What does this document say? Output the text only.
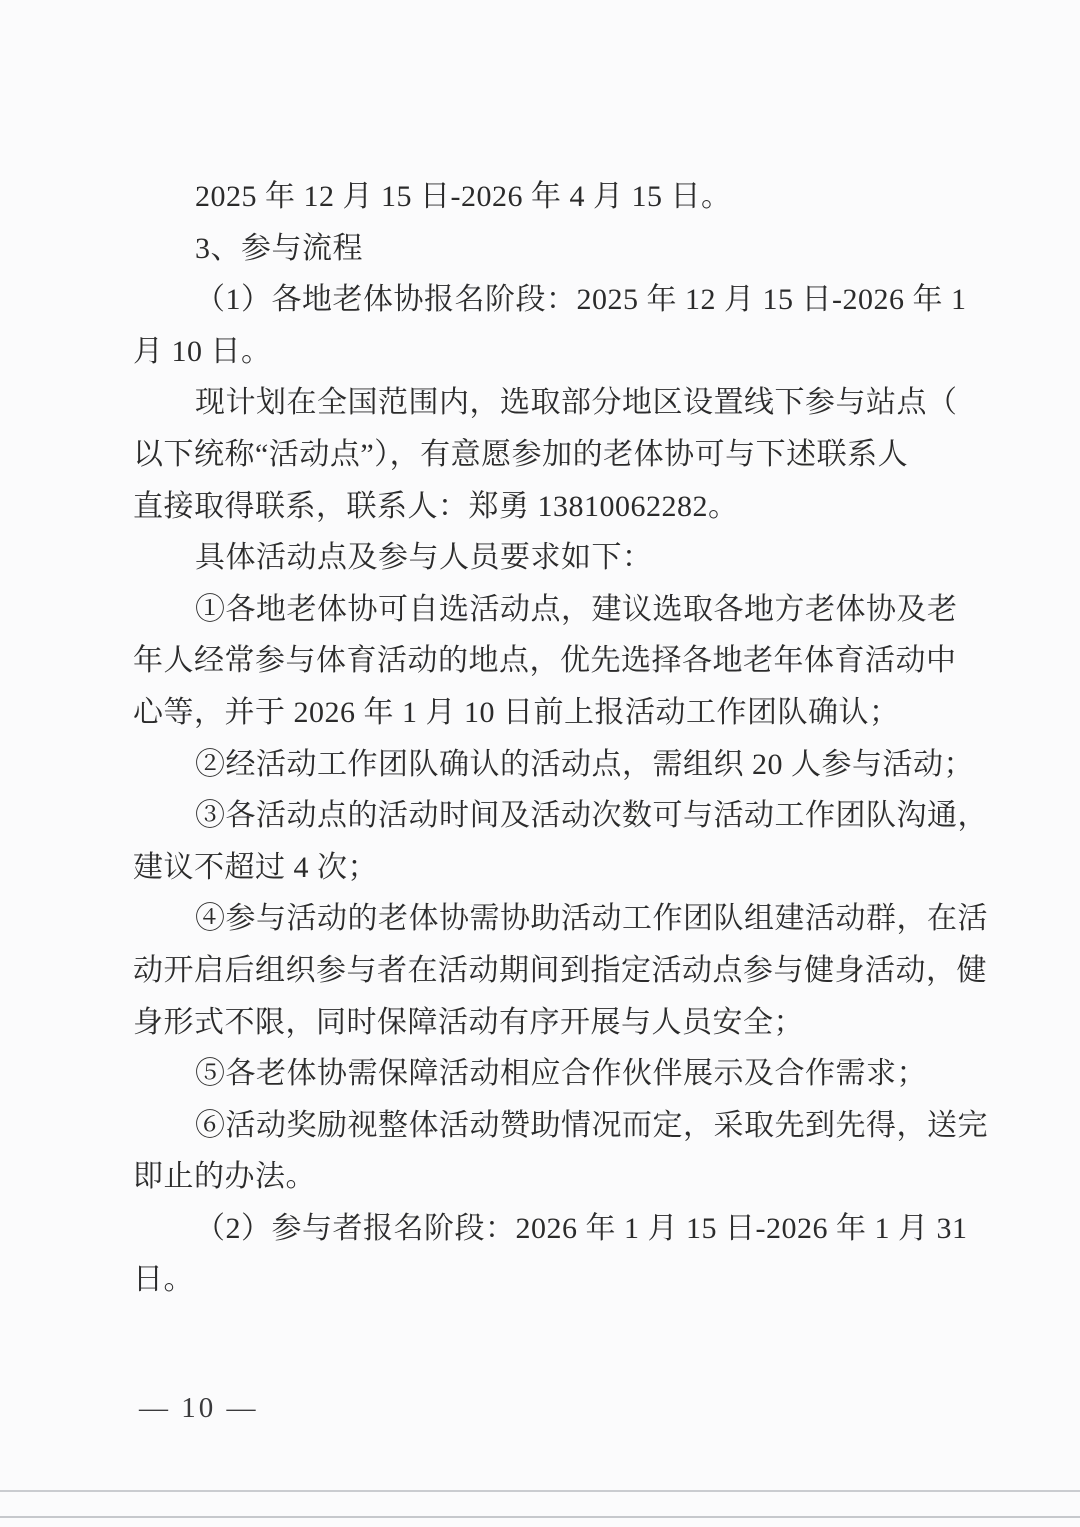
2025 年 12 月 15 日-2026 年 4 月 15 日。

3、参与流程

（1）各地老体协报名阶段：2025 年 12 月 15 日-2026 年 1
月 10 日。

现计划在全国范围内，选取部分地区设置线下参与站点（
以下统称“活动点”），有意愿参加的老体协可与下述联系人
直接取得联系，联系人：郑勇 13810062282。

具体活动点及参与人员要求如下：

①各地老体协可自选活动点，建议选取各地方老体协及老
年人经常参与体育活动的地点，优先选择各地老年体育活动中
心等，并于 2026 年 1 月 10 日前上报活动工作团队确认；

②经活动工作团队确认的活动点，需组织 20 人参与活动；

③各活动点的活动时间及活动次数可与活动工作团队沟通，
建议不超过 4 次；

④参与活动的老体协需协助活动工作团队组建活动群，在活
动开启后组织参与者在活动期间到指定活动点参与健身活动，健
身形式不限，同时保障活动有序开展与人员安全；

⑤各老体协需保障活动相应合作伙伴展示及合作需求；

⑥活动奖励视整体活动赞助情况而定，采取先到先得，送完
即止的办法。

（2）参与者报名阶段：2026 年 1 月 15 日-2026 年 1 月 31
日。

— 10 —
